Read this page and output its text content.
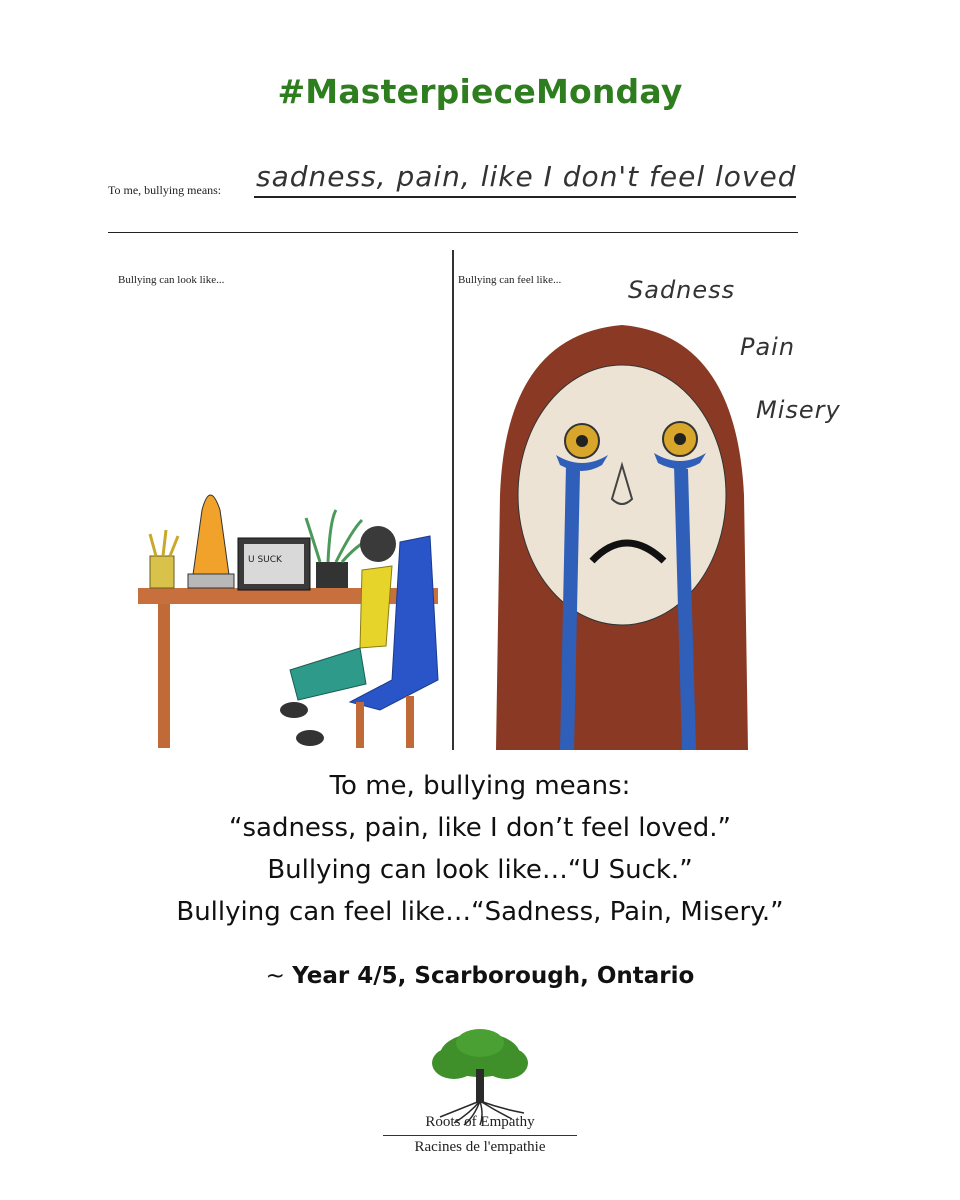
#MasterpieceMonday
To me, bullying means: sadness, pain, like I don't feel loved
Bullying can look like...	Bullying can feel like...	Sadness
Pain
Misery
U SUCK
To me, bullying means:
“sadness, pain, like I don’t feel loved.”
Bullying can look like…“U Suck.”
Bullying can feel like…“Sadness, Pain, Misery.”
~ Year 4/5, Scarborough, Ontario
Roots of Empathy
Racines de l'empathie
